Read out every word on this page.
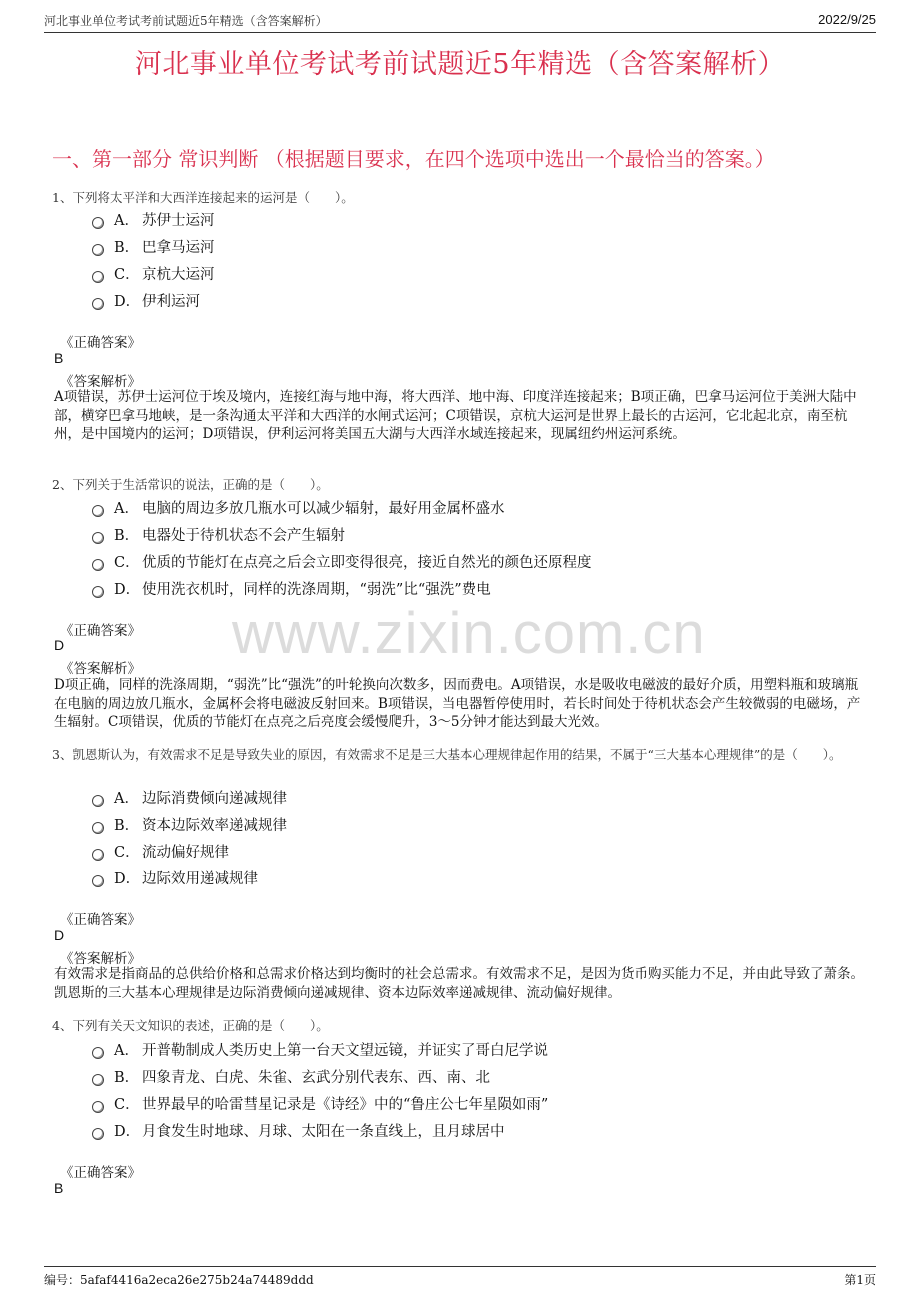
河北事业单位考试考前试题近5年精选（含答案解析）	2022/9/25
河北事业单位考试考前试题近5年精选（含答案解析）
一、第一部分 常识判断 （根据题目要求，在四个选项中选出一个最恰当的答案。）
www.zixin.com.cn
1、下列将太平洋和大西洋连接起来的运河是（　　）。
A． 苏伊士运河
B． 巴拿马运河
C． 京杭大运河
D． 伊利运河
《正确答案》
B
《答案解析》
A项错误，苏伊士运河位于埃及境内，连接红海与地中海，将大西洋、地中海、印度洋连接起来；B项正确，巴拿马运河位于美洲大陆中部，横穿巴拿马地峡，是一条沟通太平洋和大西洋的水闸式运河；C项错误，京杭大运河是世界上最长的古运河，它北起北京，南至杭州，是中国境内的运河；D项错误，伊利运河将美国五大湖与大西洋水域连接起来，现属纽约州运河系统。
2、下列关于生活常识的说法，正确的是（　　）。
A． 电脑的周边多放几瓶水可以减少辐射，最好用金属杯盛水
B． 电器处于待机状态不会产生辐射
C． 优质的节能灯在点亮之后会立即变得很亮，接近自然光的颜色还原程度
D． 使用洗衣机时，同样的洗涤周期，“弱洗”比“强洗”费电
《正确答案》
D
《答案解析》
D项正确，同样的洗涤周期，“弱洗”比“强洗”的叶轮换向次数多，因而费电。A项错误，水是吸收电磁波的最好介质，用塑料瓶和玻璃瓶在电脑的周边放几瓶水，金属杯会将电磁波反射回来。B项错误，当电器暂停使用时，若长时间处于待机状态会产生较微弱的电磁场，产生辐射。C项错误，优质的节能灯在点亮之后亮度会缓慢爬升，3～5分钟才能达到最大光效。
3、凯恩斯认为，有效需求不足是导致失业的原因，有效需求不足是三大基本心理规律起作用的结果，不属于“三大基本心理规律”的是（　　）。
A． 边际消费倾向递减规律
B． 资本边际效率递减规律
C． 流动偏好规律
D． 边际效用递减规律
《正确答案》
D
《答案解析》
有效需求是指商品的总供给价格和总需求价格达到均衡时的社会总需求。有效需求不足，是因为货币购买能力不足，并由此导致了萧条。凯恩斯的三大基本心理规律是边际消费倾向递减规律、资本边际效率递减规律、流动偏好规律。
4、下列有关天文知识的表述，正确的是（　　）。
A． 开普勒制成人类历史上第一台天文望远镜，并证实了哥白尼学说
B． 四象青龙、白虎、朱雀、玄武分别代表东、西、南、北
C． 世界最早的哈雷彗星记录是《诗经》中的“鲁庄公七年星陨如雨”
D． 月食发生时地球、月球、太阳在一条直线上，且月球居中
《正确答案》
B
编号：5afaf4416a2eca26e275b24a74489ddd	第1页
